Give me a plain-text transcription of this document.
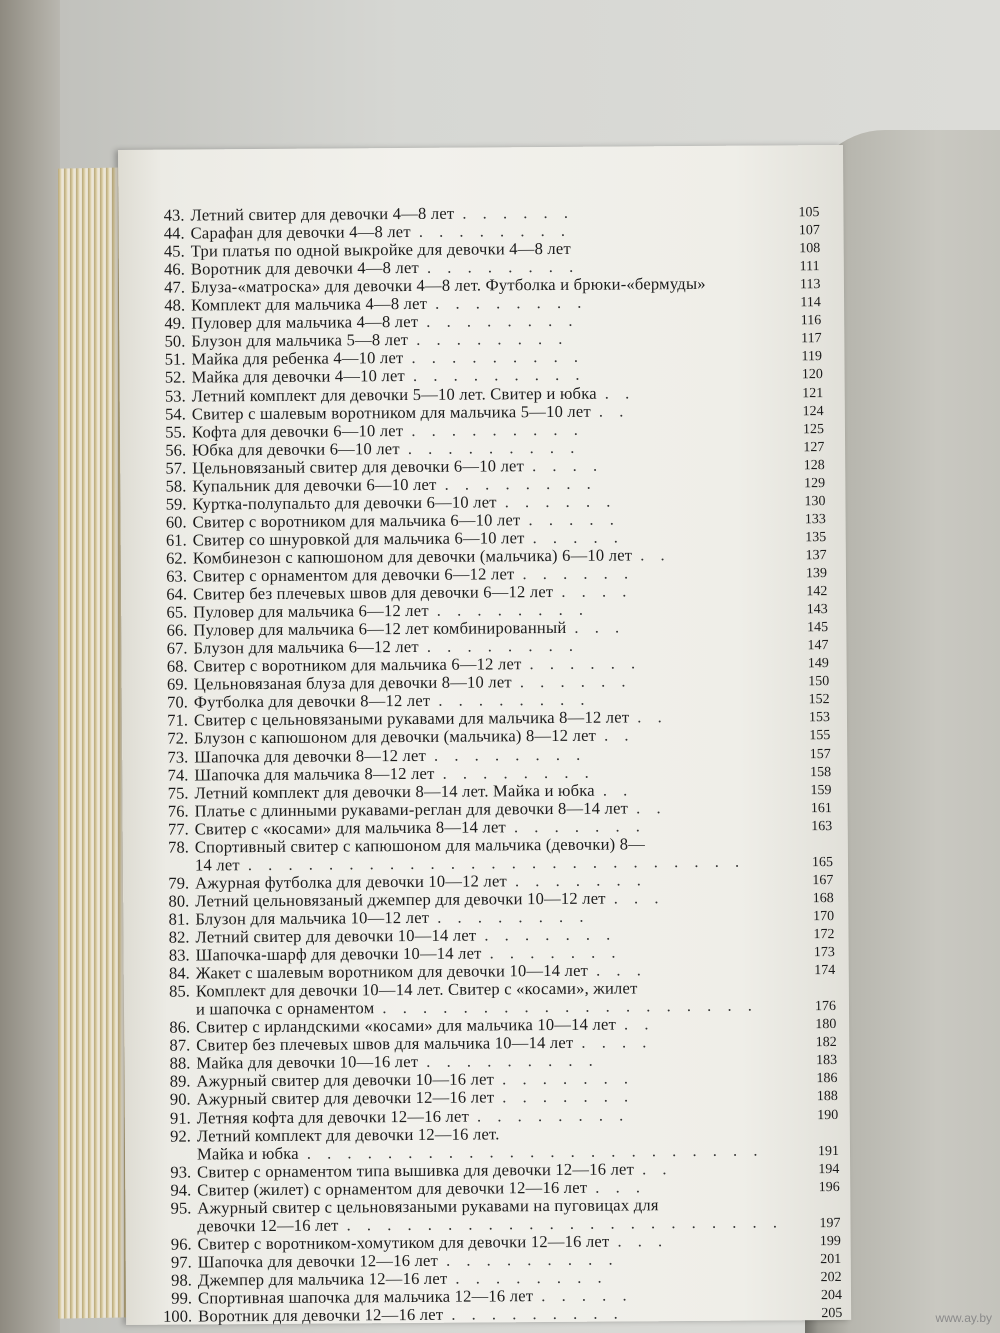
43. Летний свитер для девочки 4—8 лет . . . . . .	105
44. Сарафан для девочки 4—8 лет . . . . . . . .	107
45. Три платья по одной выкройке для девочки 4—8 лет	108
46. Воротник для девочки 4—8 лет . . . . . . . .	111
47. Блуза-«матроска» для девочки 4—8 лет. Футболка и брюки-«бермуды»	113
48. Комплект для мальчика 4—8 лет . . . . . . . .	114
49. Пуловер для мальчика 4—8 лет . . . . . . . .	116
50. Блузон для мальчика 5—8 лет . . . . . . . .	117
51. Майка для ребенка 4—10 лет . . . . . . . . .	119
52. Майка для девочки 4—10 лет . . . . . . . . .	120
53. Летний комплект для девочки 5—10 лет. Свитер и юбка . .	121
54. Свитер с шалевым воротником для мальчика 5—10 лет . .	124
55. Кофта для девочки 6—10 лет . . . . . . . . .	125
56. Юбка для девочки 6—10 лет . . . . . . . . .	127
57. Цельновязаный свитер для девочки 6—10 лет . . . .	128
58. Купальник для девочки 6—10 лет . . . . . . . .	129
59. Куртка-полупальто для девочки 6—10 лет . . . . . .	130
60. Свитер с воротником для мальчика 6—10 лет . . . . .	133
61. Свитер со шнуровкой для мальчика 6—10 лет . . . . .	135
62. Комбинезон с капюшоном для девочки (мальчика) 6—10 лет . .	137
63. Свитер с орнаментом для девочки 6—12 лет . . . . . .	139
64. Свитер без плечевых швов для девочки 6—12 лет . . . .	142
65. Пуловер для мальчика 6—12 лет . . . . . . . .	143
66. Пуловер для мальчика 6—12 лет комбинированный . . .	145
67. Блузон для мальчика 6—12 лет . . . . . . . .	147
68. Свитер с воротником для мальчика 6—12 лет . . . . . .	149
69. Цельновязаная блуза для девочки 8—10 лет . . . . . .	150
70. Футболка для девочки 8—12 лет . . . . . . . .	152
71. Свитер с цельновязаными рукавами для мальчика 8—12 лет . .	153
72. Блузон с капюшоном для девочки (мальчика) 8—12 лет . .	155
73. Шапочка для девочки 8—12 лет . . . . . . . .	157
74. Шапочка для мальчика 8—12 лет . . . . . . . .	158
75. Летний комплект для девочки 8—14 лет. Майка и юбка . .	159
76. Платье с длинными рукавами-реглан для девочки 8—14 лет . .	161
77. Свитер с «косами» для мальчика 8—14 лет . . . . . . .	163
78. Спортивный свитер с капюшоном для мальчика (девочки) 8—
14 лет . . . . . . . . . . . . . . . . . . . . . . . . .	165
79. Ажурная футболка для девочки 10—12 лет . . . . . . .	167
80. Летний цельновязаный джемпер для девочки 10—12 лет . . .	168
81. Блузон для мальчика 10—12 лет . . . . . . . .	170
82. Летний свитер для девочки 10—14 лет . . . . . . .	172
83. Шапочка-шарф для девочки 10—14 лет . . . . . . .	173
84. Жакет с шалевым воротником для девочки 10—14 лет . . .	174
85. Комплект для девочки 10—14 лет. Свитер с «косами», жилет
и шапочка с орнаментом . . . . . . . . . . . . . . . . . . .	176
86. Свитер с ирландскими «косами» для мальчика 10—14 лет . .	180
87. Свитер без плечевых швов для мальчика 10—14 лет . . . .	182
88. Майка для девочки 10—16 лет . . . . . . . . .	183
89. Ажурный свитер для девочки 10—16 лет . . . . . . .	186
90. Ажурный свитер для девочки 12—16 лет . . . . . . .	188
91. Летняя кофта для девочки 12—16 лет . . . . . . . .	190
92. Летний комплект для девочки 12—16 лет.
Майка и юбка . . . . . . . . . . . . . . . . . . . . . . .	191
93. Свитер с орнаментом типа вышивка для девочки 12—16 лет . .	194
94. Свитер (жилет) с орнаментом для девочки 12—16 лет . . .	196
95. Ажурный свитер с цельновязаными рукавами на пуговицах для
девочки 12—16 лет . . . . . . . . . . . . . . . . . . . . . .	197
96. Свитер с воротником-хомутиком для девочки 12—16 лет . . .	199
97. Шапочка для девочки 12—16 лет . . . . . . . . .	201
98. Джемпер для мальчика 12—16 лет . . . . . . . .	202
99. Спортивная шапочка для мальчика 12—16 лет . . . . .	204
100. Воротник для девочки 12—16 лет . . . . . . . . .	205	www.ay.by
